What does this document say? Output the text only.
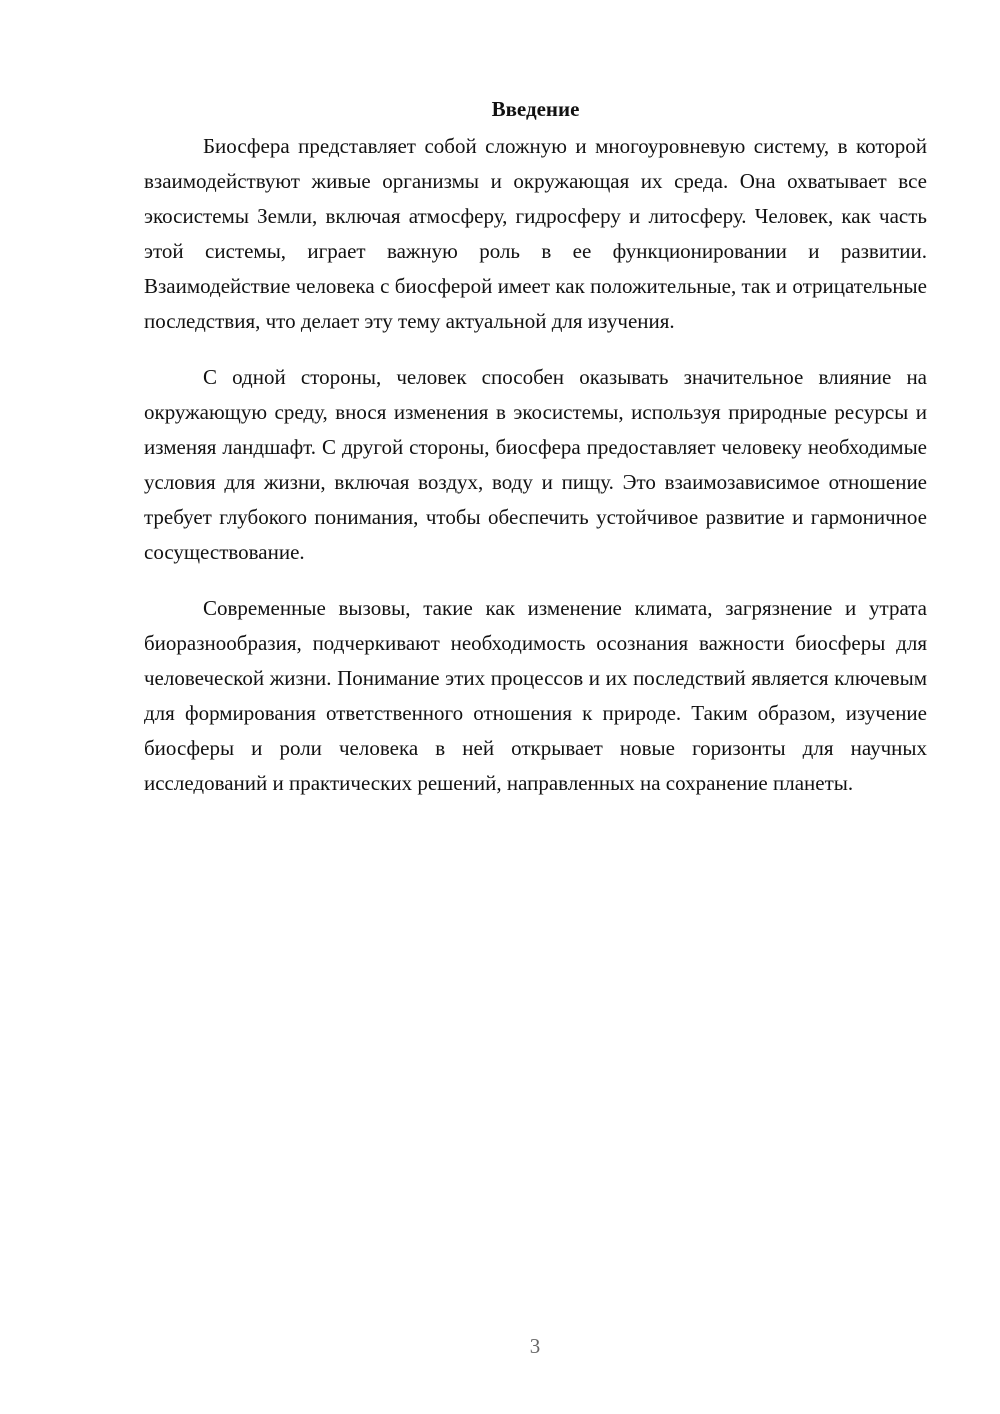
Введение

Биосфера представляет собой сложную и многоуровневую систему, в которой взаимодействуют живые организмы и окружающая их среда. Она охватывает все экосистемы Земли, включая атмосферу, гидросферу и литосферу. Человек, как часть этой системы, играет важную роль в ее функционировании и развитии. Взаимодействие человека с биосферой имеет как положительные, так и отрицательные последствия, что делает эту тему актуальной для изучения.

С одной стороны, человек способен оказывать значительное влияние на окружающую среду, внося изменения в экосистемы, используя природные ресурсы и изменяя ландшафт. С другой стороны, биосфера предоставляет человеку необходимые условия для жизни, включая воздух, воду и пищу. Это взаимозависимое отношение требует глубокого понимания, чтобы обеспечить устойчивое развитие и гармоничное сосуществование.

Современные вызовы, такие как изменение климата, загрязнение и утрата биоразнообразия, подчеркивают необходимость осознания важности биосферы для человеческой жизни. Понимание этих процессов и их последствий является ключевым для формирования ответственного отношения к природе. Таким образом, изучение биосферы и роли человека в ней открывает новые горизонты для научных исследований и практических решений, направленных на сохранение планеты.

3
